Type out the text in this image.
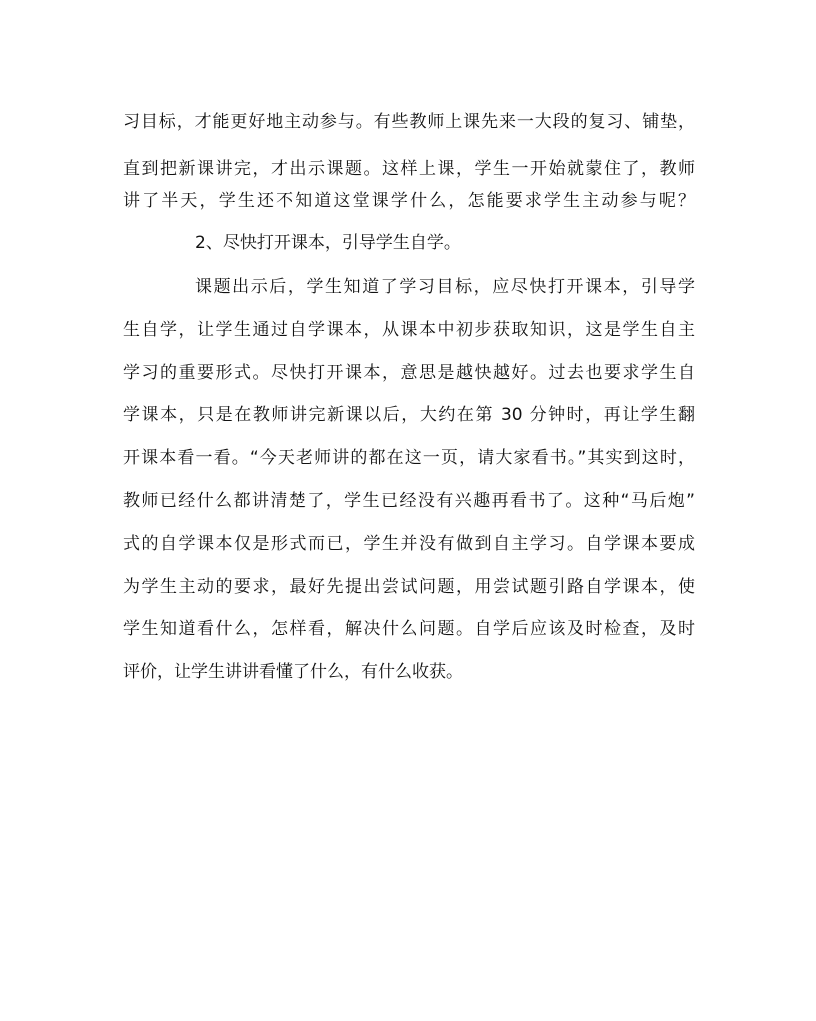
习目标，才能更好地主动参与。有些教师上课先来一大段的复习、铺垫，
直到把新课讲完，才出示课题。这样上课，学生一开始就蒙住了，教师
讲了半天，学生还不知道这堂课学什么，怎能要求学生主动参与呢？
2、尽快打开课本，引导学生自学。
课题出示后，学生知道了学习目标，应尽快打开课本，引导学
生自学，让学生通过自学课本，从课本中初步获取知识，这是学生自主
学习的重要形式。尽快打开课本，意思是越快越好。过去也要求学生自
学课本，只是在教师讲完新课以后，大约在第 30 分钟时，再让学生翻
开课本看一看。“今天老师讲的都在这一页，请大家看书。”其实到这时，
教师已经什么都讲清楚了，学生已经没有兴趣再看书了。这种“马后炮”
式的自学课本仅是形式而已，学生并没有做到自主学习。自学课本要成
为学生主动的要求，最好先提出尝试问题，用尝试题引路自学课本，使
学生知道看什么，怎样看，解决什么问题。自学后应该及时检查，及时
评价，让学生讲讲看懂了什么，有什么收获。
